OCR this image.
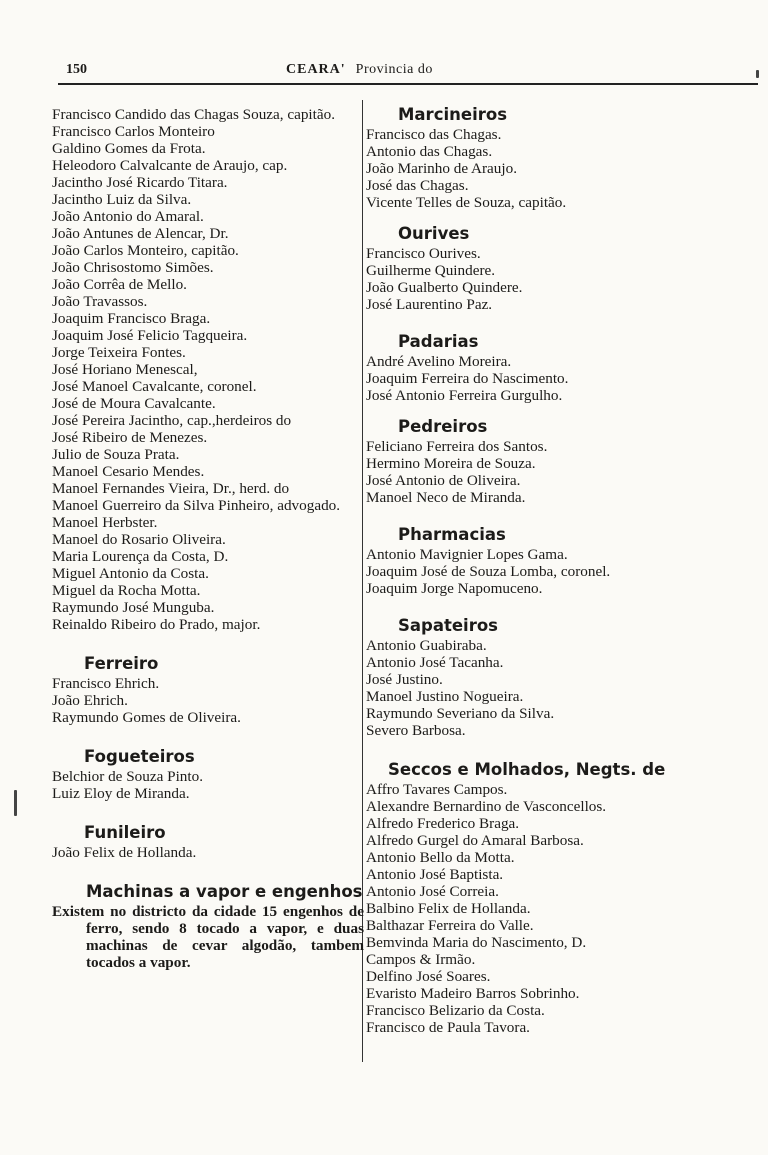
150	CEARA' Provincia do
Francisco Candido das Chagas Souza, capitão.
Francisco Carlos Monteiro
Galdino Gomes da Frota.
Heleodoro Calvalcante de Araujo, cap.
Jacintho José Ricardo Titara.
Jacintho Luiz da Silva.
João Antonio do Amaral.
João Antunes de Alencar, Dr.
João Carlos Monteiro, capitão.
João Chrisostomo Simões.
João Corrêa de Mello.
João Travassos.
Joaquim Francisco Braga.
Joaquim José Felicio Tagqueira.
Jorge Teixeira Fontes.
José Horiano Menescal,
José Manoel Cavalcante, coronel.
José de Moura Cavalcante.
José Pereira Jacintho, cap.,herdeiros do
José Ribeiro de Menezes.
Julio de Souza Prata.
Manoel Cesario Mendes.
Manoel Fernandes Vieira, Dr., herd. do
Manoel Guerreiro da Silva Pinheiro, advogado.
Manoel Herbster.
Manoel do Rosario Oliveira.
Maria Lourença da Costa, D.
Miguel Antonio da Costa.
Miguel da Rocha Motta.
Raymundo José Munguba.
Reinaldo Ribeiro do Prado, major.
Ferreiro
Francisco Ehrich.
João Ehrich.
Raymundo Gomes de Oliveira.
Fogueteiros
Belchior de Souza Pinto.
Luiz Eloy de Miranda.
Funileiro
João Felix de Hollanda.
Machinas a vapor e engenhos
Existem no districto da cidade 15 engenhos de ferro, sendo 8 tocado a vapor, e duas machinas de cevar algodão, tambem tocados a vapor.
Marcineiros
Francisco das Chagas.
Antonio das Chagas.
João Marinho de Araujo.
José das Chagas.
Vicente Telles de Souza, capitão.
Ourives
Francisco Ourives.
Guilherme Quindere.
João Gualberto Quindere.
José Laurentino Paz.
Padarias
André Avelino Moreira.
Joaquim Ferreira do Nascimento.
José Antonio Ferreira Gurgulho.
Pedreiros
Feliciano Ferreira dos Santos.
Hermino Moreira de Souza.
José Antonio de Oliveira.
Manoel Neco de Miranda.
Pharmacias
Antonio Mavignier Lopes Gama.
Joaquim José de Souza Lomba, coronel.
Joaquim Jorge Napomuceno.
Sapateiros
Antonio Guabiraba.
Antonio José Tacanha.
José Justino.
Manoel Justino Nogueira.
Raymundo Severiano da Silva.
Severo Barbosa.
Seccos e Molhados, Negts. de
Affro Tavares Campos.
Alexandre Bernardino de Vasconcellos.
Alfredo Frederico Braga.
Alfredo Gurgel do Amaral Barbosa.
Antonio Bello da Motta.
Antonio José Baptista.
Antonio José Correia.
Balbino Felix de Hollanda.
Balthazar Ferreira do Valle.
Bemvinda Maria do Nascimento, D.
Campos & Irmão.
Delfino José Soares.
Evaristo Madeiro Barros Sobrinho.
Francisco Belizario da Costa.
Francisco de Paula Tavora.
